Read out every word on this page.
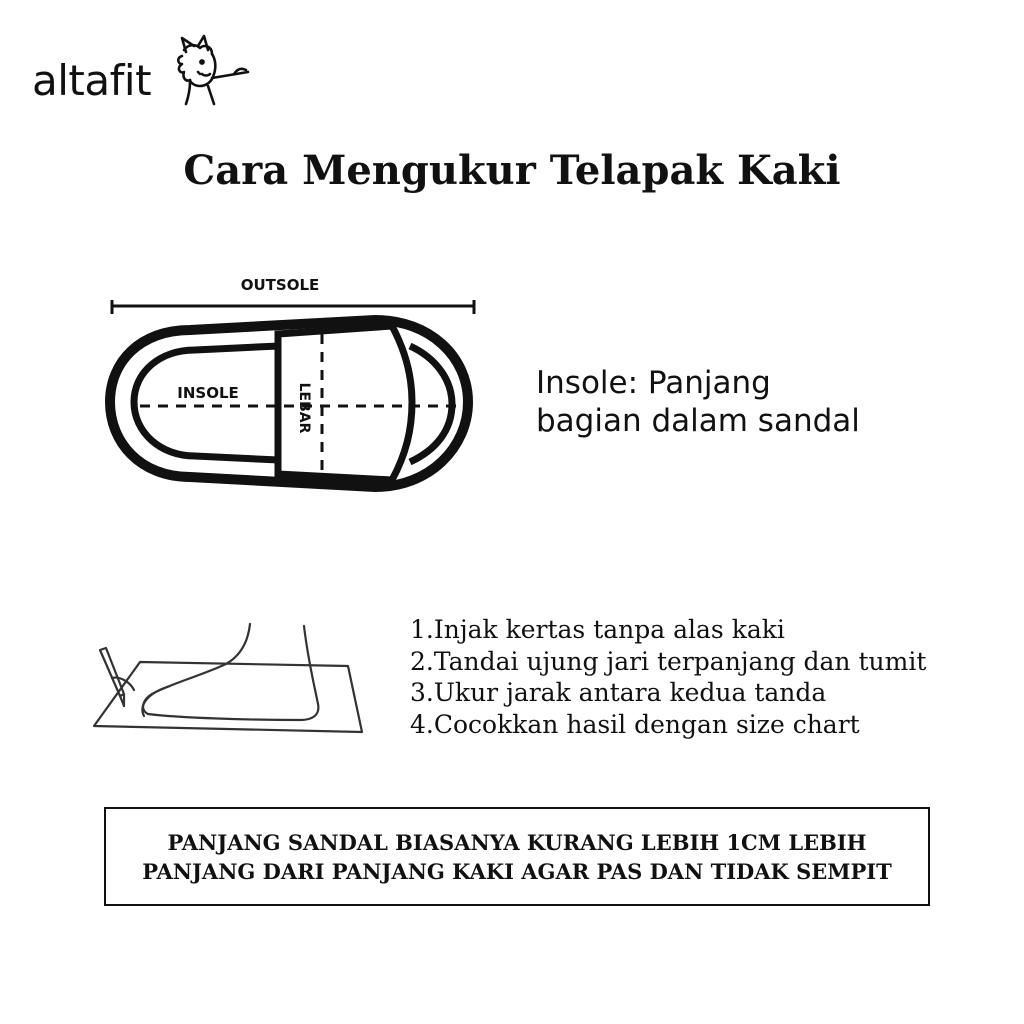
altafit
Cara Mengukur Telapak Kaki
OUTSOLE
INSOLE	LEBAR	Insole: Panjang
bagian dalam sandal
1.Injak kertas tanpa alas kaki
2.Tandai ujung jari terpanjang dan tumit
3.Ukur jarak antara kedua tanda
4.Cocokkan hasil dengan size chart
PANJANG SANDAL BIASANYA KURANG LEBIH 1CM LEBIH
PANJANG DARI PANJANG KAKI AGAR PAS DAN TIDAK SEMPIT
